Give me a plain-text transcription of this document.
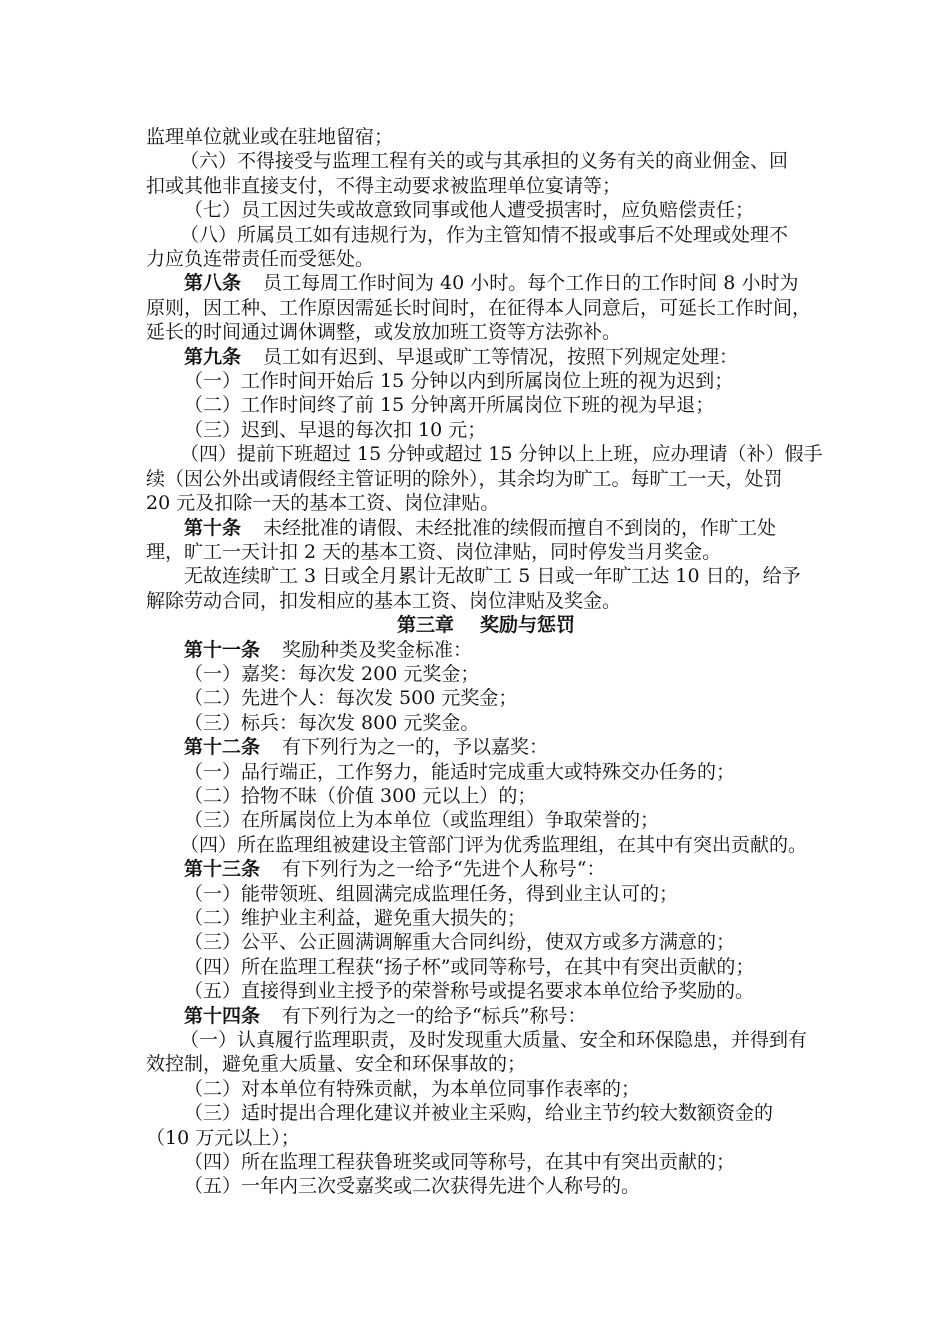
监理单位就业或在驻地留宿；

（六）不得接受与监理工程有关的或与其承担的义务有关的商业佣金、回

扣或其他非直接支付，不得主动要求被监理单位宴请等；

（七）员工因过失或故意致同事或他人遭受损害时，应负赔偿责任；

（八）所属员工如有违规行为，作为主管知情不报或事后不处理或处理不

力应负连带责任而受惩处。

第八条 员工每周工作时间为 40 小时。每个工作日的工作时间 8 小时为

原则，因工种、工作原因需延长时间时，在征得本人同意后，可延长工作时间，

延长的时间通过调休调整，或发放加班工资等方法弥补。

第九条 员工如有迟到、早退或旷工等情况，按照下列规定处理：

（一）工作时间开始后 15 分钟以内到所属岗位上班的视为迟到；

（二）工作时间终了前 15 分钟离开所属岗位下班的视为早退；

（三）迟到、早退的每次扣 10 元；

（四）提前下班超过 15 分钟或超过 15 分钟以上上班，应办理请（补）假手

续（因公外出或请假经主管证明的除外），其余均为旷工。每旷工一天，处罚

20 元及扣除一天的基本工资、岗位津贴。

第十条 未经批准的请假、未经批准的续假而擅自不到岗的，作旷工处

理，旷工一天计扣 2 天的基本工资、岗位津贴，同时停发当月奖金。

无故连续旷工 3 日或全月累计无故旷工 5 日或一年旷工达 10 日的，给予

解除劳动合同，扣发相应的基本工资、岗位津贴及奖金。

第三章 奖励与惩罚

第十一条 奖励种类及奖金标准：

（一）嘉奖：每次发 200 元奖金；

（二）先进个人：每次发 500 元奖金；

（三）标兵：每次发 800 元奖金。

第十二条 有下列行为之一的，予以嘉奖：

（一）品行端正，工作努力，能适时完成重大或特殊交办任务的；

（二）拾物不昧（价值 300 元以上）的；

（三）在所属岗位上为本单位（或监理组）争取荣誉的；

（四）所在监理组被建设主管部门评为优秀监理组，在其中有突出贡献的。

第十三条 有下列行为之一给予“先进个人称号“：

（一）能带领班、组圆满完成监理任务，得到业主认可的；

（二）维护业主利益，避免重大损失的；

（三）公平、公正圆满调解重大合同纠纷，使双方或多方满意的；

（四）所在监理工程获“扬子杯”或同等称号，在其中有突出贡献的；

（五）直接得到业主授予的荣誉称号或提名要求本单位给予奖励的。

第十四条 有下列行为之一的给予“标兵”称号：

（一）认真履行监理职责，及时发现重大质量、安全和环保隐患，并得到有

效控制，避免重大质量、安全和环保事故的；

（二）对本单位有特殊贡献，为本单位同事作表率的；

（三）适时提出合理化建议并被业主采购，给业主节约较大数额资金的

（10 万元以上）；

（四）所在监理工程获鲁班奖或同等称号，在其中有突出贡献的；

（五）一年内三次受嘉奖或二次获得先进个人称号的。
